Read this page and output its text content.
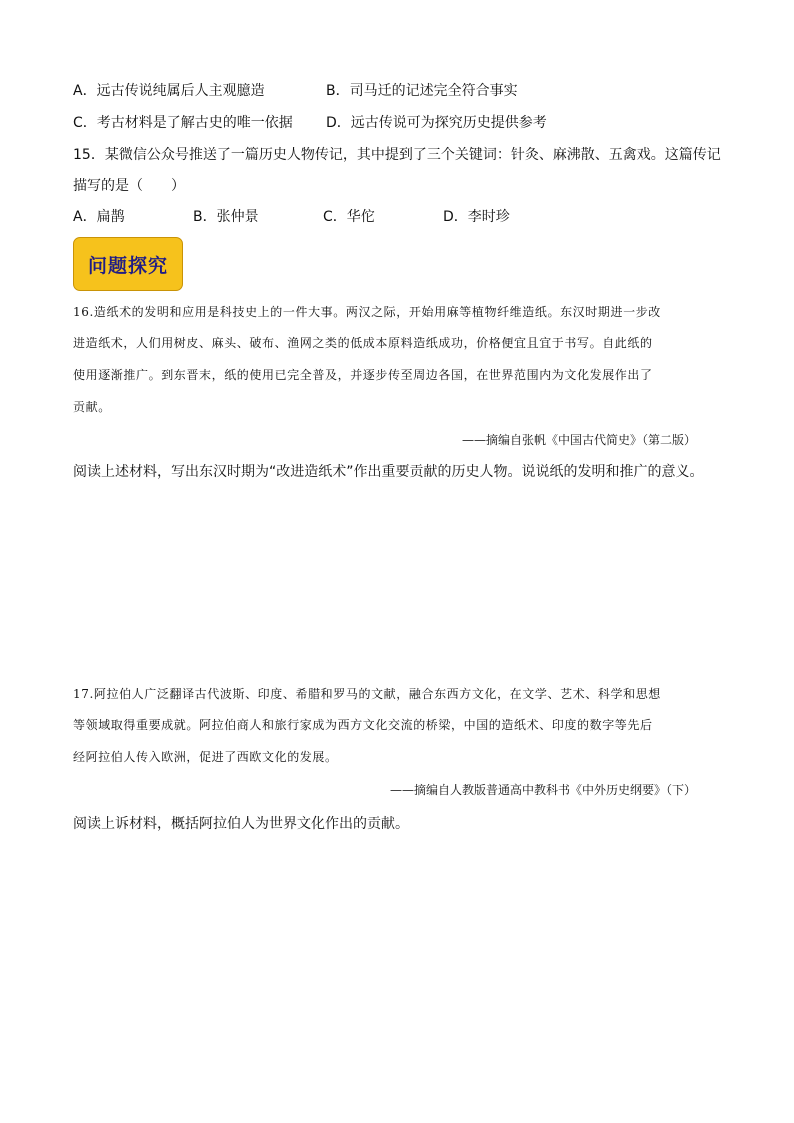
A．远古传说纯属后人主观臆造	B．司马迁的记述完全符合事实
C．考古材料是了解古史的唯一依据 D．远古传说可为探究历史提供参考
15．某微信公众号推送了一篇历史人物传记，其中提到了三个关键词：针灸、麻沸散、五禽戏。这篇传记
描写的是（　　）
A．扁鹊	B．张仲景	C．华佗	D．李时珍
问题探究
16.造纸术的发明和应用是科技史上的一件大事。两汉之际，开始用麻等植物纤维造纸。东汉时期进一步改
进造纸术，人们用树皮、麻头、破布、渔网之类的低成本原料造纸成功，价格便宜且宜于书写。自此纸的
使用逐渐推广。到东晋末，纸的使用已完全普及，并逐步传至周边各国，在世界范围内为文化发展作出了
贡献。
——摘编自张帆《中国古代简史》（第二版）
阅读上述材料，写出东汉时期为“改进造纸术”作出重要贡献的历史人物。说说纸的发明和推广的意义。
17.阿拉伯人广泛翻译古代波斯、印度、希腊和罗马的文献，融合东西方文化，在文学、艺术、科学和思想
等领域取得重要成就。阿拉伯商人和旅行家成为西方文化交流的桥梁，中国的造纸术、印度的数字等先后
经阿拉伯人传入欧洲，促进了西欧文化的发展。
——摘编自人教版普通高中教科书《中外历史纲要》（下）
阅读上诉材料，概括阿拉伯人为世界文化作出的贡献。
